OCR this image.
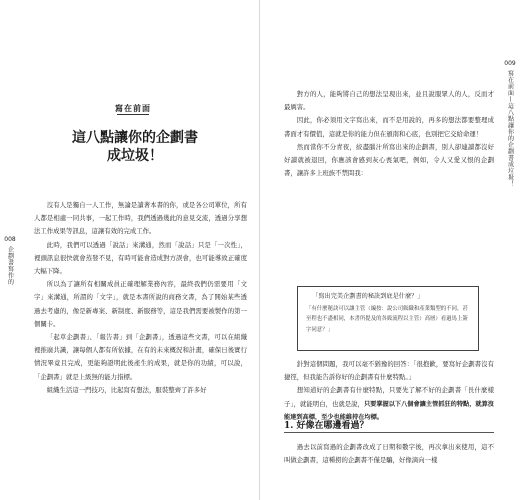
008
企劃書寫作的
寫在前面
這八點讓你的企劃書
成垃圾！

沒有人是獨自一人工作，無論是讀著本書的你，或是各公司單位，所有人都是相處一同共事，一起工作時，我們透過幾此的意見交流，透過分享想法工作成果等訊息，這讓有效的完成工作。

此時，我們可以透過「說話」來溝通，然而「說話」只是「一次性」，裡頭訊息很快就會蒸發不見，有時可能會造成對方誤會，也可能導致正確度大幅下降。

所以為了讓所有相關成員正確理解業務內容，最終我們仍需要用「文字」來溝通，所謂的「文字」，就是本書所說的商務文書，為了開始某些透過去考慮的，像是新專案、新制度、新服務等，這是我們需要被製作的第一個關卡。

「起草企劃書」、「報告書」到「企劃書」，透過這些文書，可以在組織裡推廣共識，讓每個人都有所依據，在有的未來概況和計畫，確保日後實行情況畢竟且完成，更能夠證明此後產生的成果，就是你的功績，可以說，「企劃書」就是上級無的能力指標。

組織生活這一門技巧，比起寫有想法，服裝整齊了許多好

009
寫在前面—這八點讓你的企劃書成垃圾！

對方的人，能夠將自己的想法呈現出來，並且說服眾人的人，反而才最厲害。

因此，你必須用文字寫出來，而不是用說的，再多的想法都要整理成書面才有價值，這就是你的能力但在頒南和心底，也別把它交給命運！

然而當你不分青夜，絞盡腦汁所寫出來的企劃書，別人卻連讀都沒好好讀就被退回，你應該會感到灰心喪氣吧，例如，令人又愛又恨的企劃書，讓許多上班族不禁問我：

「寫出完美企劃書的秘訣到底是什麼？」

「有什麼秘訣可以讓主管（編按：說公司級職和產業類型的不同，甚至程也不盡相同，本書所提及的各級流程以主管）高層）看過馬上簽字同意？」

針對這個問題，我可以毫不猶豫的回答：「很抱歉，要寫好企劃書沒有捷徑，但我能告訴你好的企劃書有什麼特點。」

想知道好的企劃書有什麼特點，只要先了解不好的企劃書「長什麼樣子」，就能明白，也就是說，只要掌握以下八個會讓主管抓狂的特點，就算沒能達到高標，至少也能維持在均標。

1. 好像在哪邊看過？

過去以前寫過的企劃書改成了日期和數字後，再次拿出來使用，這不叫做企劃書，這種撈的企劃書不僅是騙，好像滴向一樣
